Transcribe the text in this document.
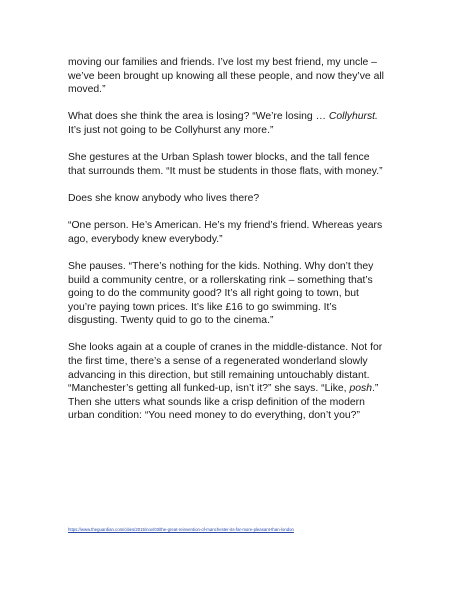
moving our families and friends. I’ve lost my best friend, my uncle –
we’ve been brought up knowing all these people, and now they’ve all
moved.”

What does she think the area is losing? “We’re losing … Collyhurst.
It’s just not going to be Collyhurst any more.”

She gestures at the Urban Splash tower blocks, and the tall fence
that surrounds them. “It must be students in those flats, with money.”

Does she know anybody who lives there?

“One person. He’s American. He’s my friend’s friend. Whereas years
ago, everybody knew everybody.”

She pauses. “There’s nothing for the kids. Nothing. Why don’t they
build a community centre, or a rollerskating rink – something that’s
going to do the community good? It’s all right going to town, but
you’re paying town prices. It’s like £16 to go swimming. It’s
disgusting. Twenty quid to go to the cinema.”

She looks again at a couple of cranes in the middle-distance. Not for
the first time, there’s a sense of a regenerated wonderland slowly
advancing in this direction, but still remaining untouchably distant.
“Manchester’s getting all funked-up, isn’t it?” she says. “Like, posh.”
Then she utters what sounds like a crisp definition of the modern
urban condition: “You need money to do everything, don’t you?”

https://www.theguardian.com/cities/2015/nov/03/the-great-reinvention-of-manchester-its-far-more-pleasant-than-london
